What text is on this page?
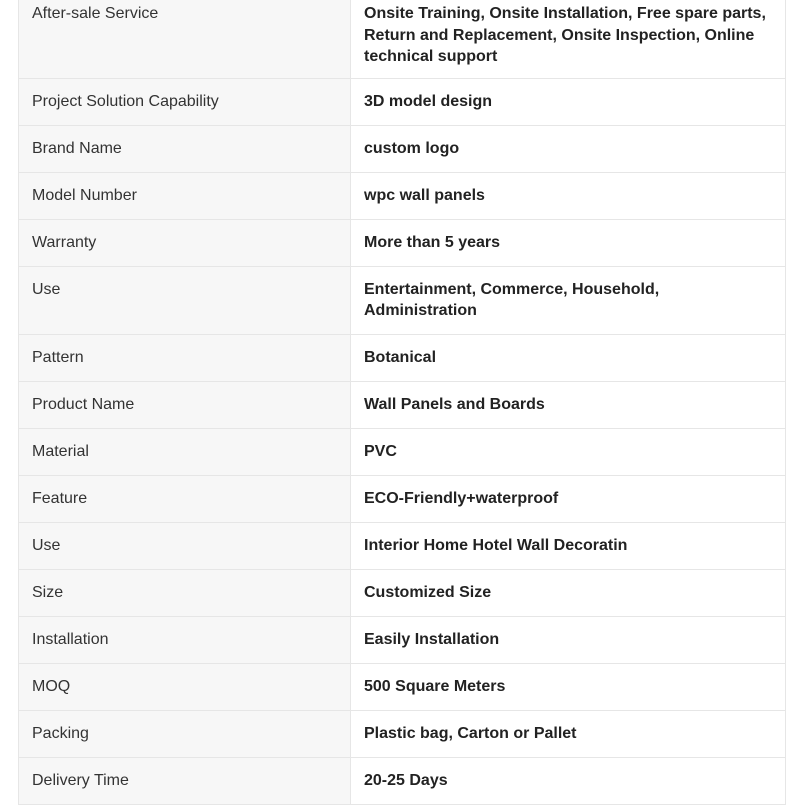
After-sale Service	Onsite Training, Onsite Installation, Free spare parts, Return and Replacement, Onsite Inspection, Online technical support
Project Solution Capability	3D model design
Brand Name	custom logo
Model Number	wpc wall panels
Warranty	More than 5 years
Use	Entertainment, Commerce, Household, Administration
Pattern	Botanical
Product Name	Wall Panels and Boards
Material	PVC
Feature	ECO-Friendly+waterproof
Use	Interior Home Hotel Wall Decoratin
Size	Customized Size
Installation	Easily Installation
MOQ	500 Square Meters
Packing	Plastic bag, Carton or Pallet
Delivery Time	20-25 Days
